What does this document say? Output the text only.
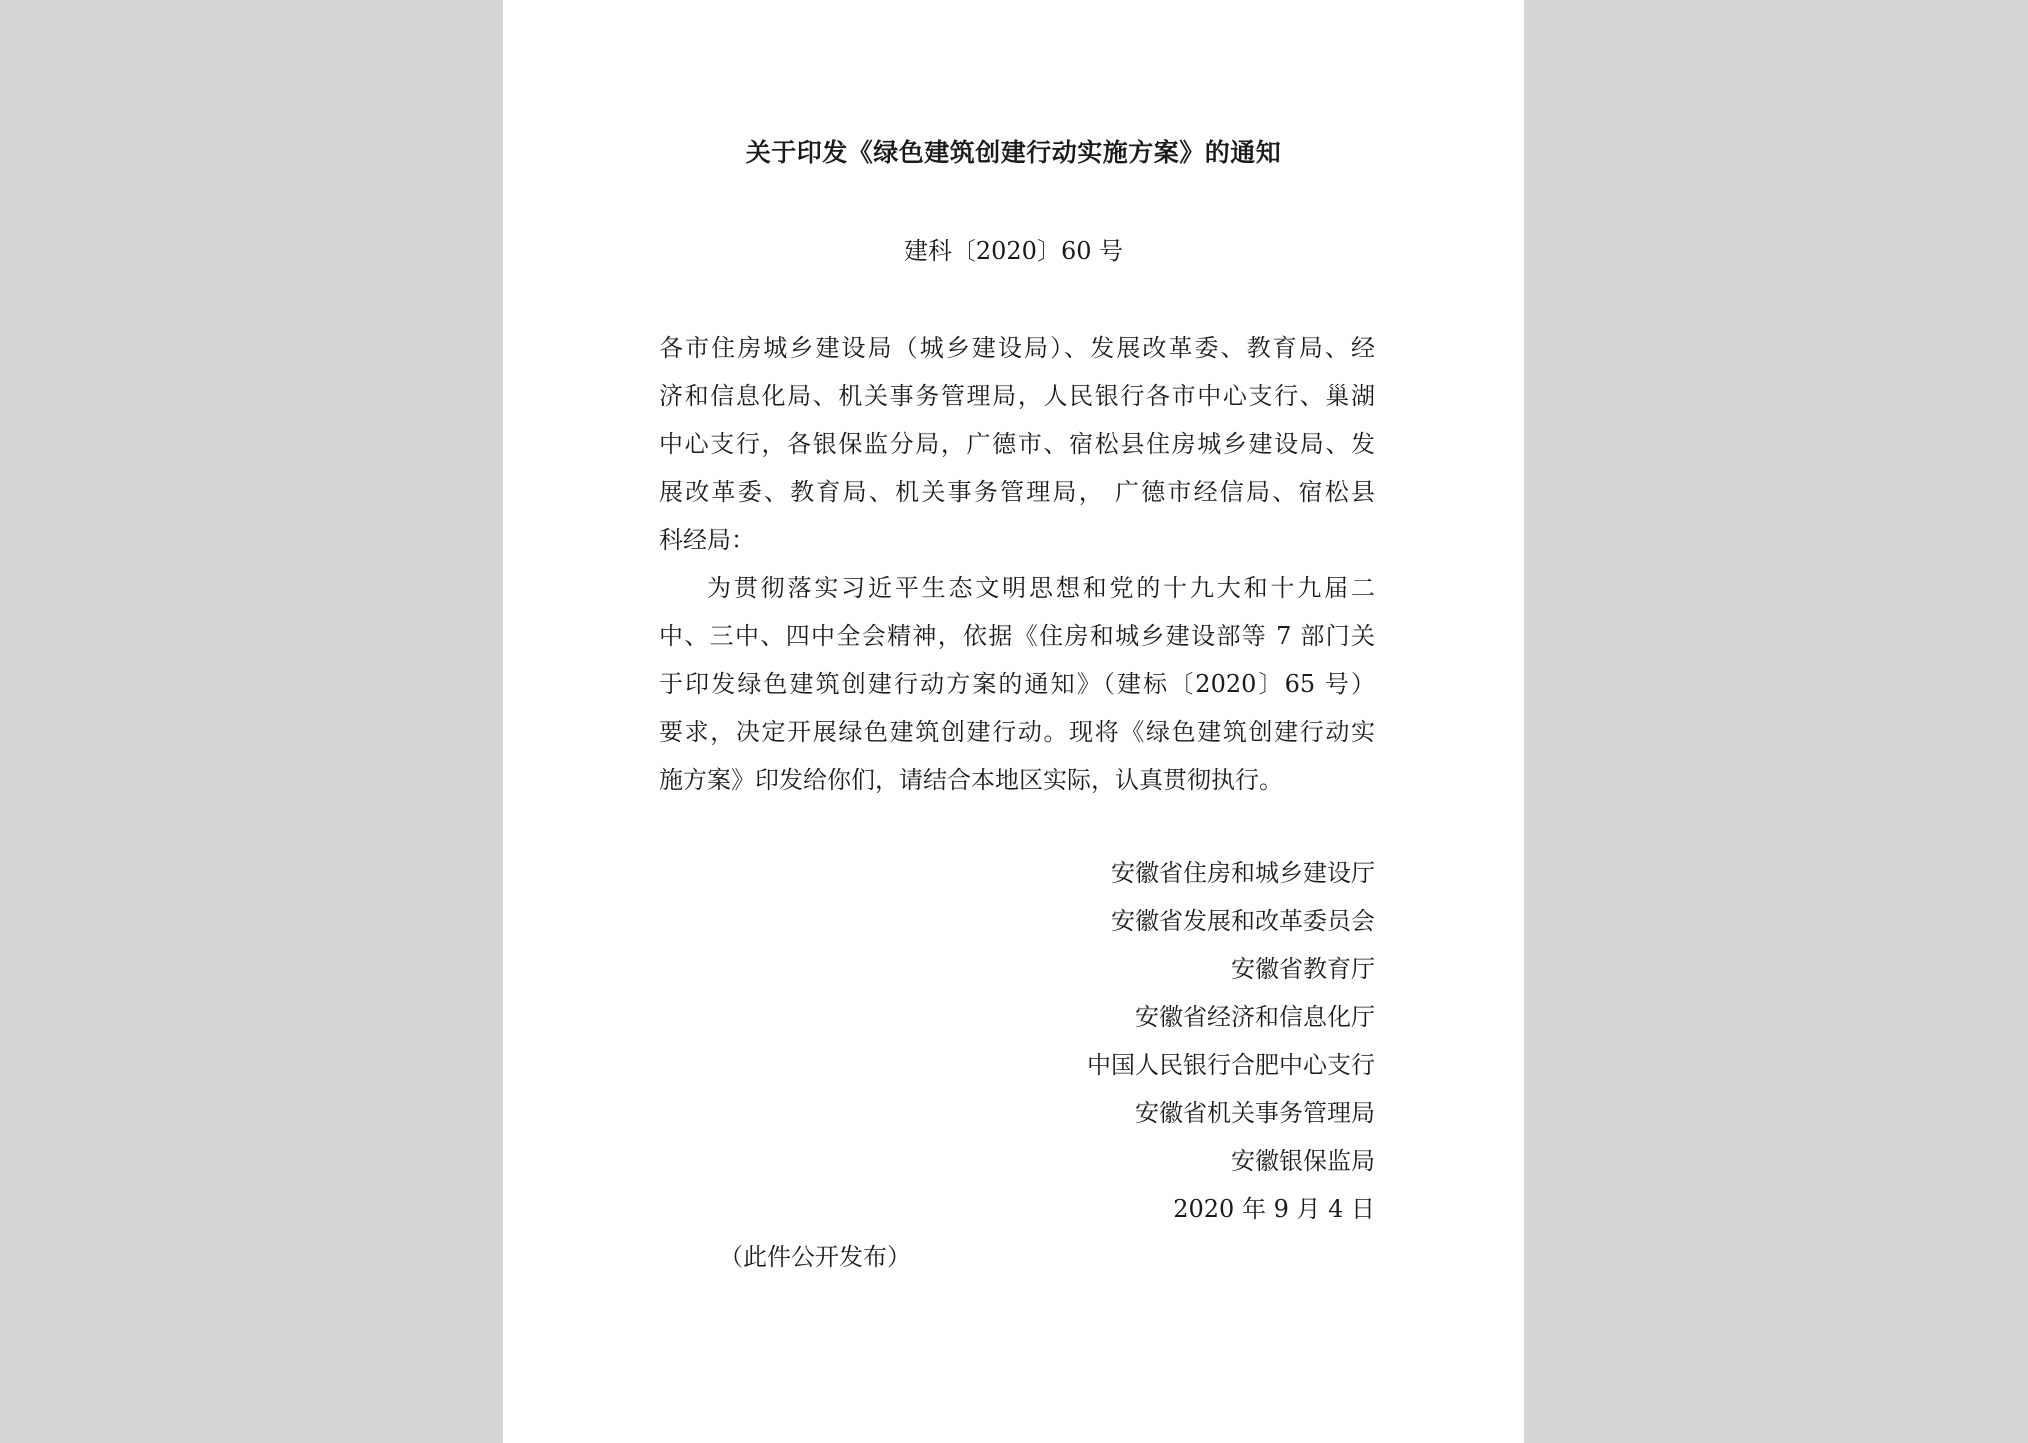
关于印发《绿色建筑创建行动实施方案》的通知
建科〔2020〕60 号
各市住房城乡建设局（城乡建设局）、发展改革委、教育局、经
济和信息化局、机关事务管理局，人民银行各市中心支行、巢湖
中心支行，各银保监分局，广德市、宿松县住房城乡建设局、发
展改革委、教育局、机关事务管理局， 广德市经信局、宿松县
科经局：
为贯彻落实习近平生态文明思想和党的十九大和十九届二
中、三中、四中全会精神，依据《住房和城乡建设部等 7 部门关
于印发绿色建筑创建行动方案的通知》（建标〔2020〕65 号）
要求，决定开展绿色建筑创建行动。现将《绿色建筑创建行动实
施方案》印发给你们，请结合本地区实际，认真贯彻执行。
安徽省住房和城乡建设厅
安徽省发展和改革委员会
安徽省教育厅
安徽省经济和信息化厅
中国人民银行合肥中心支行
安徽省机关事务管理局
安徽银保监局
2020 年 9 月 4 日
（此件公开发布）
